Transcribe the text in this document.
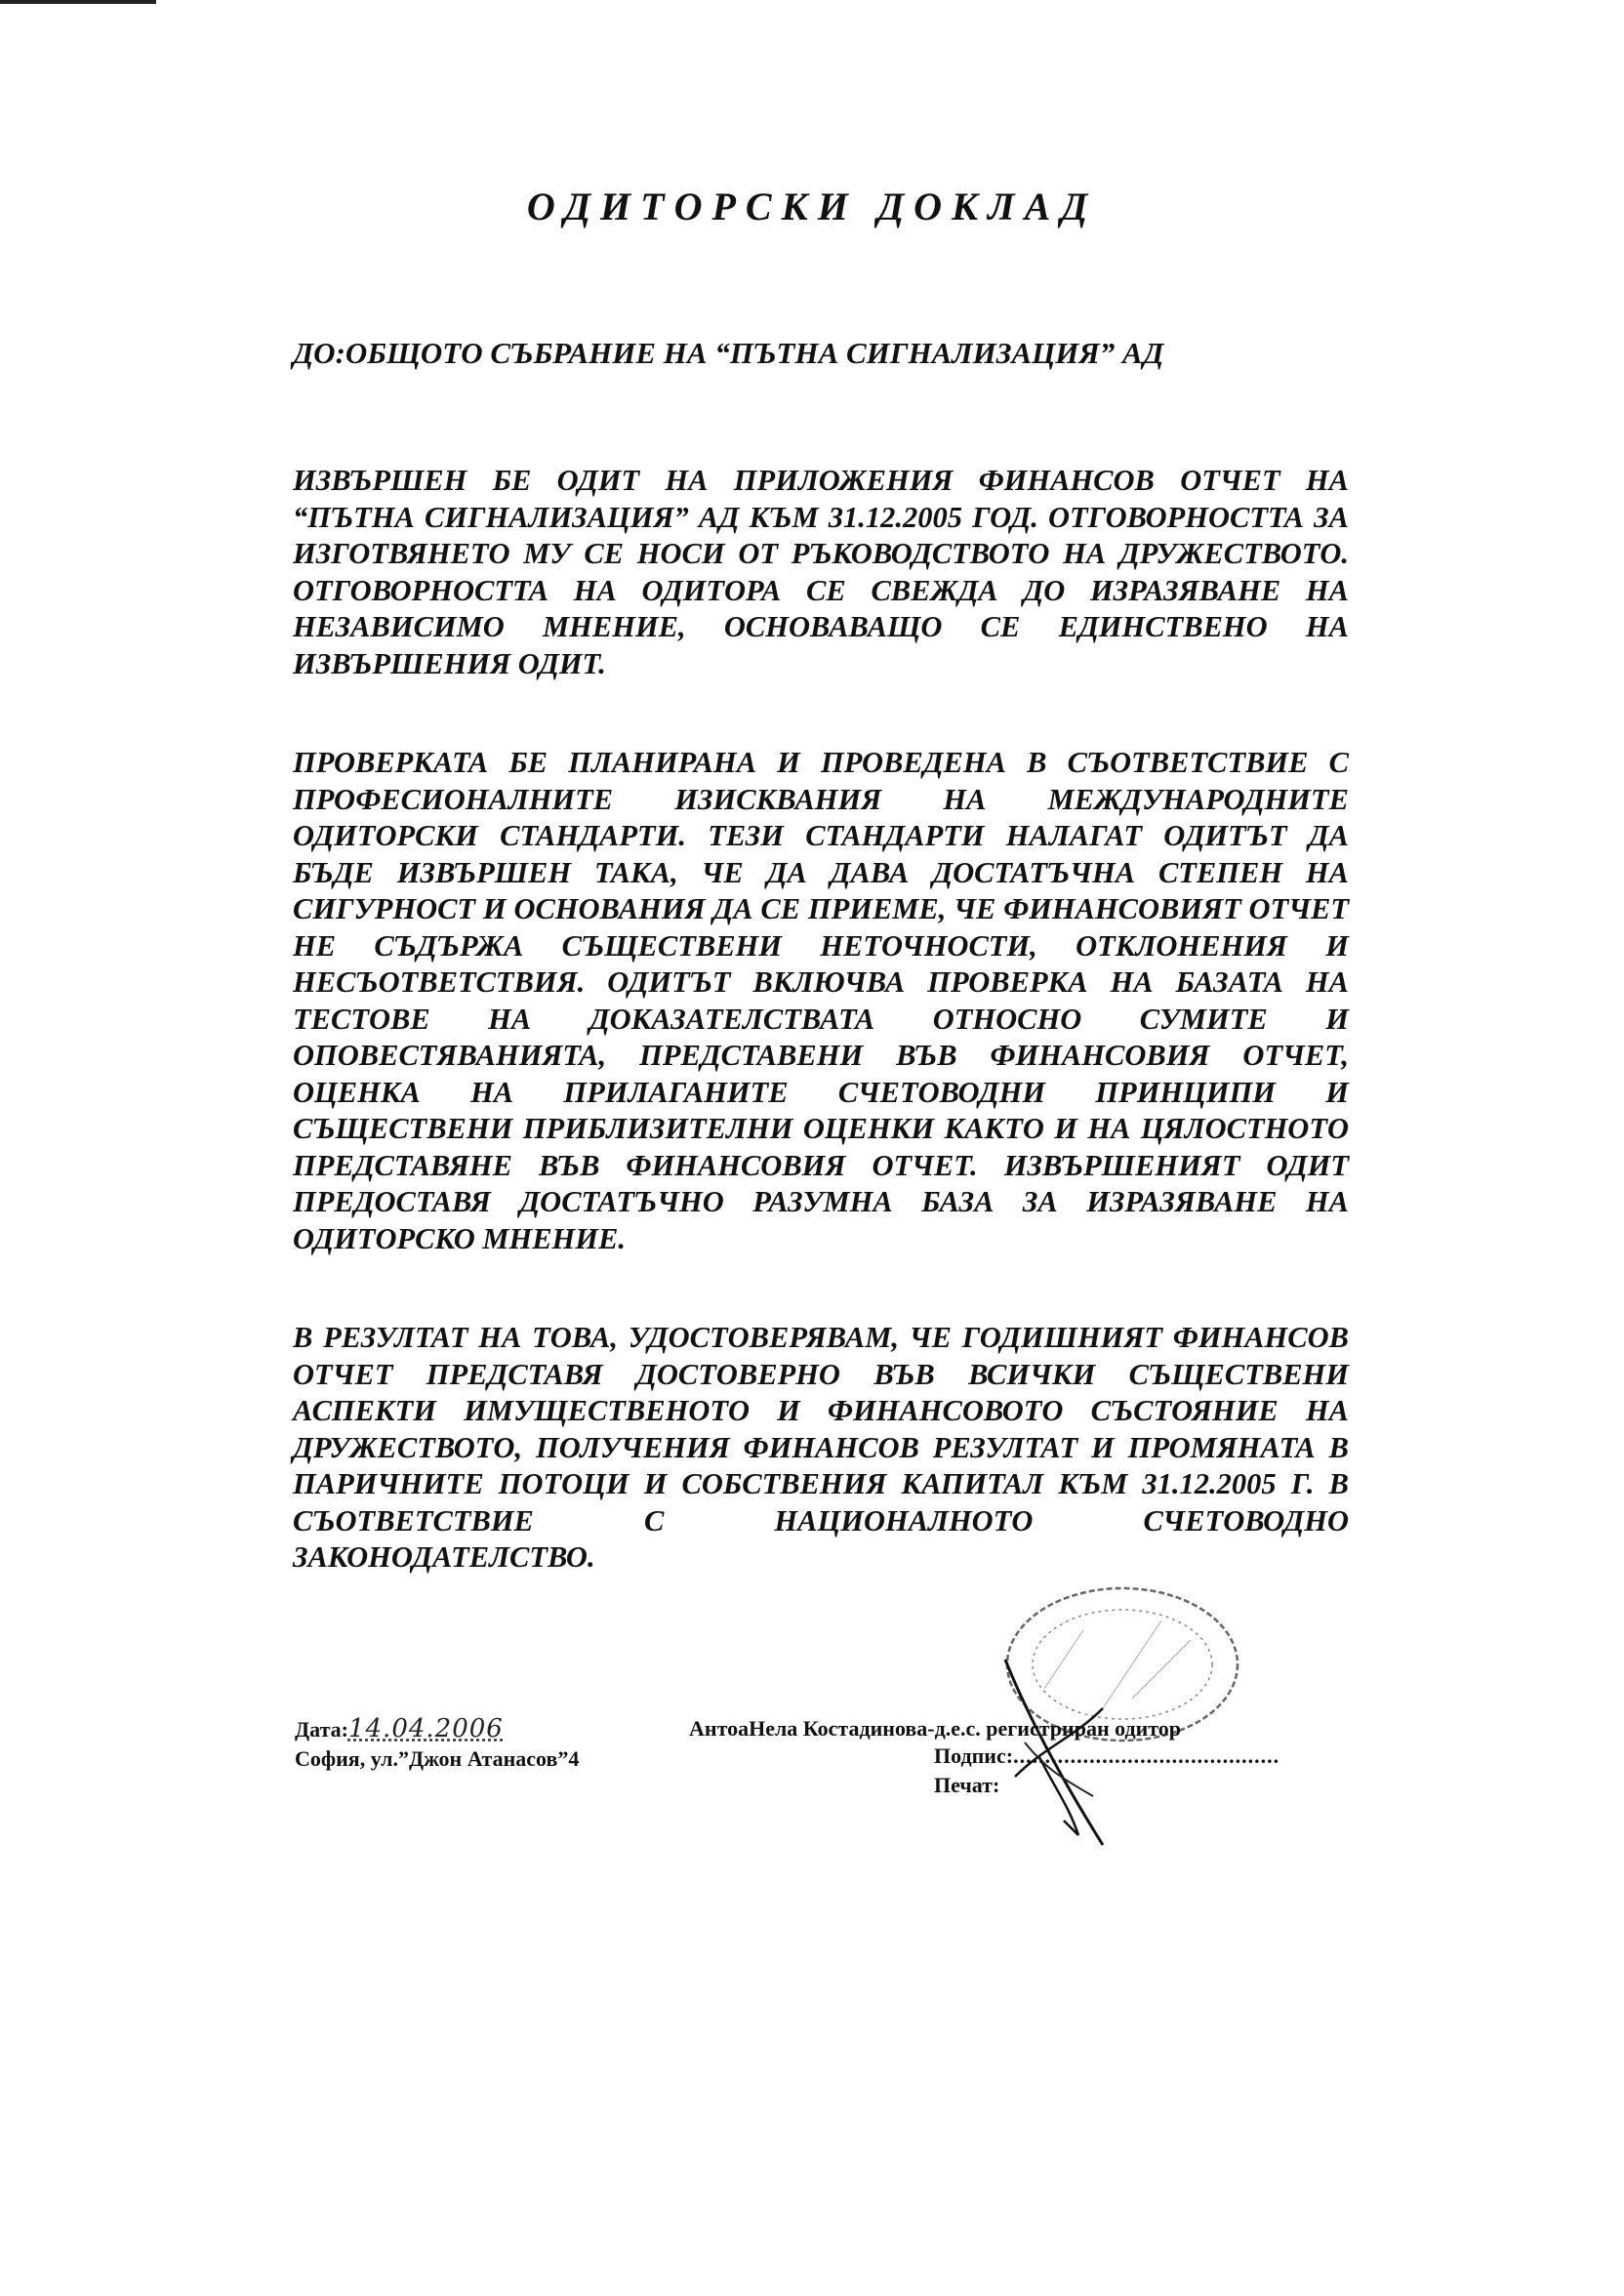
ОДИТОРСКИ ДОКЛАД
ДО:ОБЩОТО СЪБРАНИЕ НА “ПЪТНА СИГНАЛИЗАЦИЯ” АД
ИЗВЪРШЕН БЕ ОДИТ НА ПРИЛОЖЕНИЯ ФИНАНСОВ ОТЧЕТ НА “ПЪТНА СИГНАЛИЗАЦИЯ” АД КЪМ 31.12.2005 ГОД. ОТГОВОРНОСТТА ЗА ИЗГОТВЯНЕТО МУ СЕ НОСИ ОТ РЪКОВОДСТВОТО НА ДРУЖЕСТВОТО. ОТГОВОРНОСТТА НА ОДИТОРА СЕ СВЕЖДА ДО ИЗРАЗЯВАНЕ НА НЕЗАВИСИМО МНЕНИЕ, ОСНОВАВАЩО СЕ ЕДИНСТВЕНО НА ИЗВЪРШЕНИЯ ОДИТ.
ПРОВЕРКАТА БЕ ПЛАНИРАНА И ПРОВЕДЕНА В СЪОТВЕТСТВИЕ С ПРОФЕСИОНАЛНИТЕ ИЗИСКВАНИЯ НА МЕЖДУНАРОДНИТЕ ОДИТОРСКИ СТАНДАРТИ. ТЕЗИ СТАНДАРТИ НАЛАГАТ ОДИТЪТ ДА БЪДЕ ИЗВЪРШЕН ТАКА, ЧЕ ДА ДАВА ДОСТАТЪЧНА СТЕПЕН НА СИГУРНОСТ И ОСНОВАНИЯ ДА СЕ ПРИЕМЕ, ЧЕ ФИНАНСОВИЯТ ОТЧЕТ НЕ СЪДЪРЖА СЪЩЕСТВЕНИ НЕТОЧНОСТИ, ОТКЛОНЕНИЯ И НЕСЪОТВЕТСТВИЯ. ОДИТЪТ ВКЛЮЧВА ПРОВЕРКА НА БАЗАТА НА ТЕСТОВЕ НА ДОКАЗАТЕЛСТВАТА ОТНОСНО СУМИТЕ И ОПОВЕСТЯВАНИЯТА, ПРЕДСТАВЕНИ ВЪВ ФИНАНСОВИЯ ОТЧЕТ, ОЦЕНКА НА ПРИЛАГАНИТЕ СЧЕТОВОДНИ ПРИНЦИПИ И СЪЩЕСТВЕНИ ПРИБЛИЗИТЕЛНИ ОЦЕНКИ КАКТО И НА ЦЯЛОСТНОТО ПРЕДСТАВЯНЕ ВЪВ ФИНАНСОВИЯ ОТЧЕТ. ИЗВЪРШЕНИЯТ ОДИТ ПРЕДОСТАВЯ ДОСТАТЪЧНО РАЗУМНА БАЗА ЗА ИЗРАЗЯВАНЕ НА ОДИТОРСКО МНЕНИЕ.
В РЕЗУЛТАТ НА ТОВА, УДОСТОВЕРЯВАМ, ЧЕ ГОДИШНИЯТ ФИНАНСОВ ОТЧЕТ ПРЕДСТАВЯ ДОСТОВЕРНО ВЪВ ВСИЧКИ СЪЩЕСТВЕНИ АСПЕКТИ ИМУЩЕСТВЕНОТО И ФИНАНСОВОТО СЪСТОЯНИЕ НА ДРУЖЕСТВОТО, ПОЛУЧЕНИЯ ФИНАНСОВ РЕЗУЛТАТ И ПРОМЯНАТА В ПАРИЧНИТЕ ПОТОЦИ И СОБСТВЕНИЯ КАПИТАЛ КЪМ 31.12.2005 Г. В СЪОТВЕТСТВИЕ С НАЦИОНАЛНОТО СЧЕТОВОДНО ЗАКОНОДАТЕЛСТВО.
Дата:14.04.2006
София, ул.”Джон Атанасов”4
АнтоаНела Костадинова-д.е.с. регистриран одитор
Подпис:..........................................
Печат:
